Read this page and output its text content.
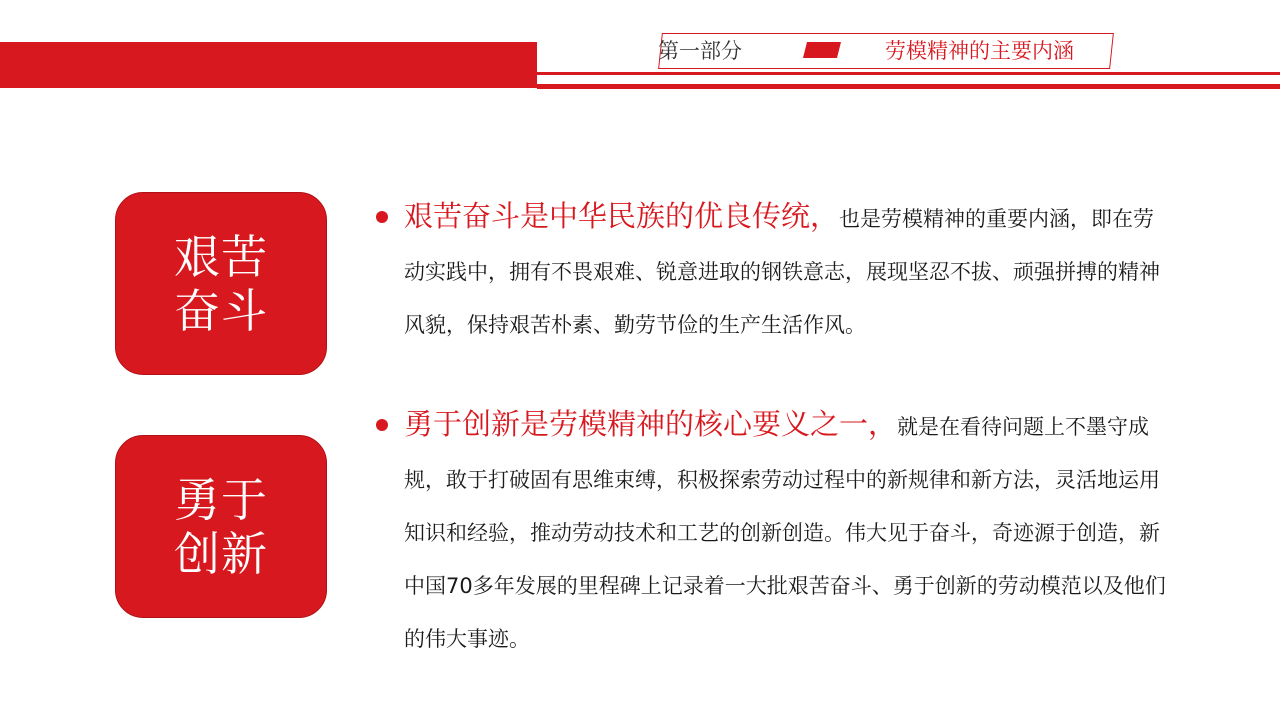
第一部分	劳模精神的主要内涵
艰苦
奋斗
勇于
创新

艰苦奋斗是中华民族的优良传统，也是劳模精神的重要内涵，即在劳动实践中，拥有不畏艰难、锐意进取的钢铁意志，展现坚忍不拔、顽强拼搏的精神风貌，保持艰苦朴素、勤劳节俭的生产生活作风。

勇于创新是劳模精神的核心要义之一，就是在看待问题上不墨守成规，敢于打破固有思维束缚，积极探索劳动过程中的新规律和新方法，灵活地运用知识和经验，推动劳动技术和工艺的创新创造。伟大见于奋斗，奇迹源于创造，新中国70多年发展的里程碑上记录着一大批艰苦奋斗、勇于创新的劳动模范以及他们的伟大事迹。
